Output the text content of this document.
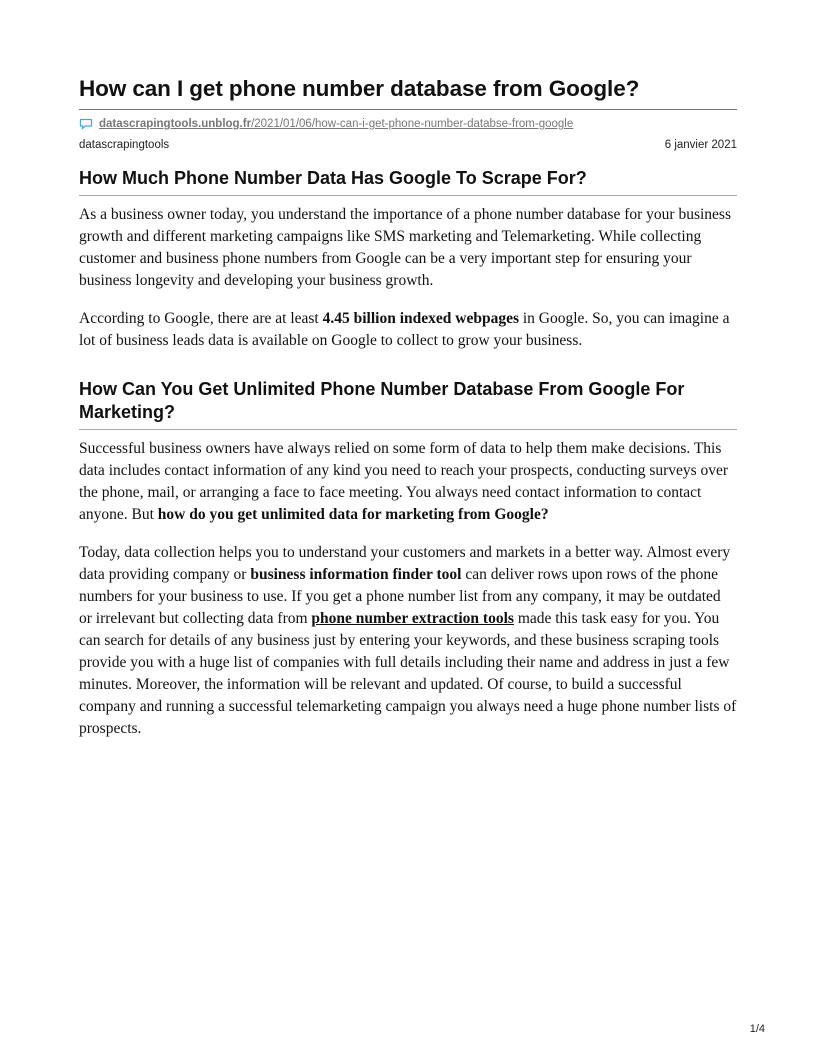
How can I get phone number database from Google?
datascrapingtools.unblog.fr/2021/01/06/how-can-i-get-phone-number-databse-from-google
datascrapingtools	6 janvier 2021
How Much Phone Number Data Has Google To Scrape For?

As a business owner today, you understand the importance of a phone number database for your business growth and different marketing campaigns like SMS marketing and Telemarketing. While collecting customer and business phone numbers from Google can be a very important step for ensuring your business longevity and developing your business growth.

According to Google, there are at least 4.45 billion indexed webpages in Google. So, you can imagine a lot of business leads data is available on Google to collect to grow your business.

How Can You Get Unlimited Phone Number Database From Google For Marketing?

Successful business owners have always relied on some form of data to help them make decisions. This data includes contact information of any kind you need to reach your prospects, conducting surveys over the phone, mail, or arranging a face to face meeting. You always need contact information to contact anyone. But how do you get unlimited data for marketing from Google?

Today, data collection helps you to understand your customers and markets in a better way. Almost every data providing company or business information finder tool can deliver rows upon rows of the phone numbers for your business to use. If you get a phone number list from any company, it may be outdated or irrelevant but collecting data from phone number extraction tools made this task easy for you. You can search for details of any business just by entering your keywords, and these business scraping tools provide you with a huge list of companies with full details including their name and address in just a few minutes. Moreover, the information will be relevant and updated. Of course, to build a successful company and running a successful telemarketing campaign you always need a huge phone number lists of prospects.

1/4
